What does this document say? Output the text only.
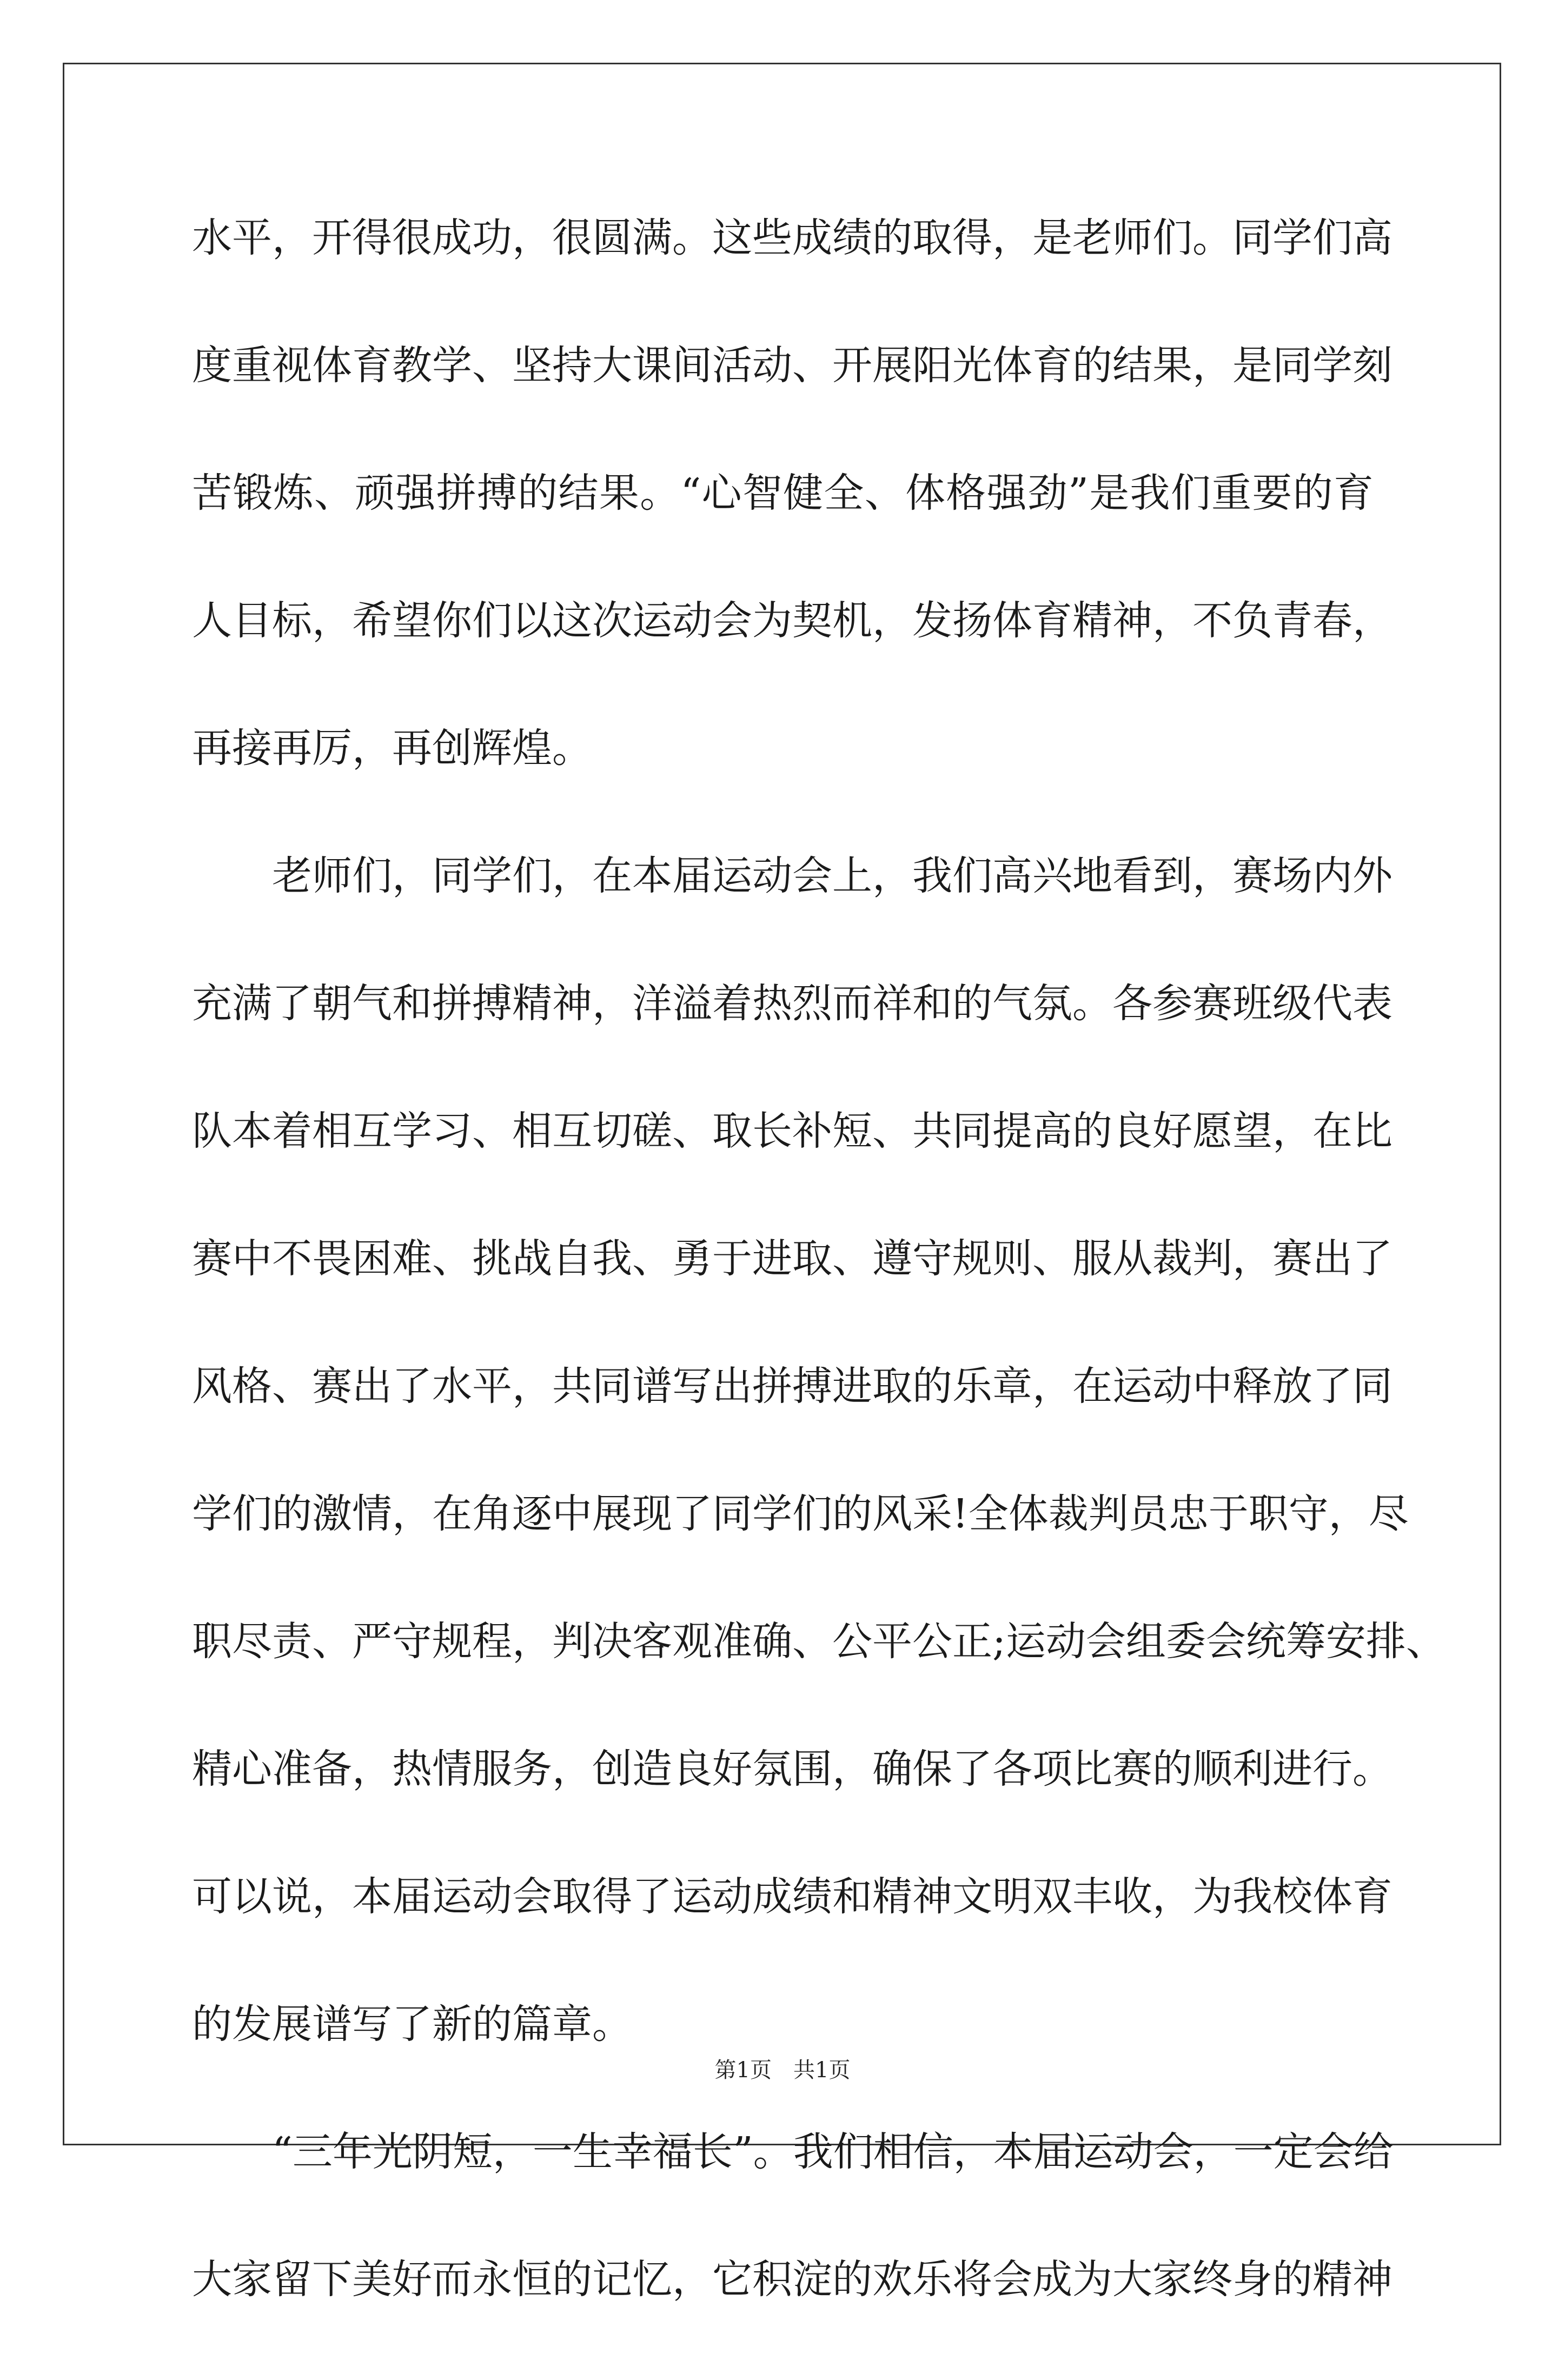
水平，开得很成功，很圆满。这些成绩的取得，是老师们。同学们高
度重视体育教学、坚持大课间活动、开展阳光体育的结果，是同学刻
苦锻炼、顽强拼搏的结果。“心智健全、体格强劲”是我们重要的育
人目标，希望你们以这次运动会为契机，发扬体育精神，不负青春，
再接再厉，再创辉煌。
老师们，同学们，在本届运动会上，我们高兴地看到，赛场内外
充满了朝气和拼搏精神，洋溢着热烈而祥和的气氛。各参赛班级代表
队本着相互学习、相互切磋、取长补短、共同提高的良好愿望，在比
赛中不畏困难、挑战自我、勇于进取、遵守规则、服从裁判，赛出了
风格、赛出了水平，共同谱写出拼搏进取的乐章，在运动中释放了同
学们的激情，在角逐中展现了同学们的风采!全体裁判员忠于职守，尽
职尽责、严守规程，判决客观准确、公平公正;运动会组委会统筹安排、
精心准备，热情服务，创造良好氛围，确保了各项比赛的顺利进行。
可以说，本届运动会取得了运动成绩和精神文明双丰收，为我校体育
的发展谱写了新的篇章。
“三年光阴短，一生幸福长”。我们相信，本届运动会，一定会给
大家留下美好而永恒的记忆，它积淀的欢乐将会成为大家终身的精神
第1页　共1页
